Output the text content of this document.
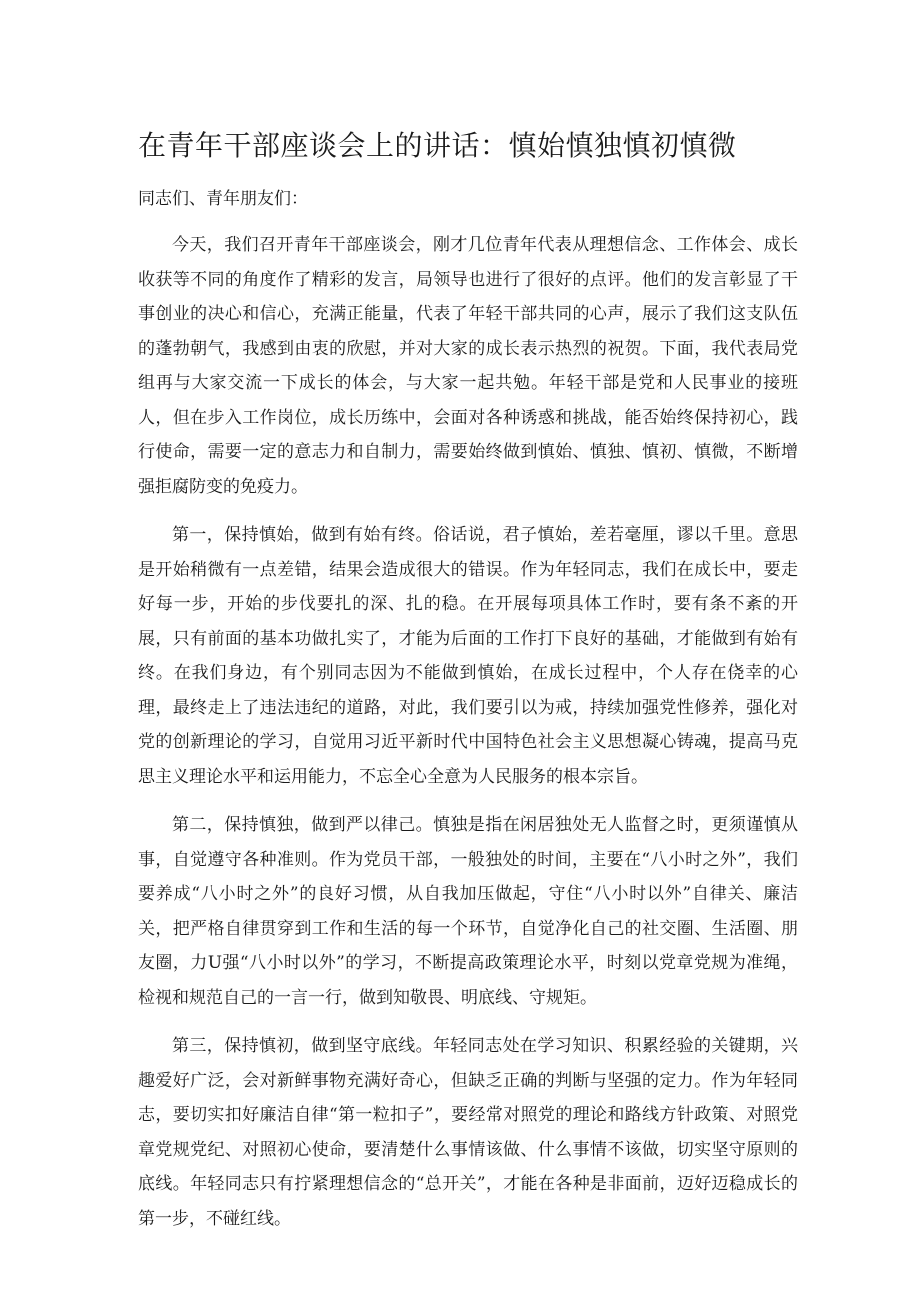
在青年干部座谈会上的讲话：慎始慎独慎初慎微

同志们、青年朋友们：

今天，我们召开青年干部座谈会，刚才几位青年代表从理想信念、工作体会、成长收获等不同的角度作了精彩的发言，局领导也进行了很好的点评。他们的发言彰显了干事创业的决心和信心，充满正能量，代表了年轻干部共同的心声，展示了我们这支队伍的蓬勃朝气，我感到由衷的欣慰，并对大家的成长表示热烈的祝贺。下面，我代表局党组再与大家交流一下成长的体会，与大家一起共勉。年轻干部是党和人民事业的接班人，但在步入工作岗位，成长历练中，会面对各种诱惑和挑战，能否始终保持初心，践行使命，需要一定的意志力和自制力，需要始终做到慎始、慎独、慎初、慎微，不断增强拒腐防变的免疫力。

第一，保持慎始，做到有始有终。俗话说，君子慎始，差若毫厘，谬以千里。意思是开始稍微有一点差错，结果会造成很大的错误。作为年轻同志，我们在成长中，要走好每一步，开始的步伐要扎的深、扎的稳。在开展每项具体工作时，要有条不紊的开展，只有前面的基本功做扎实了，才能为后面的工作打下良好的基础，才能做到有始有终。在我们身边，有个别同志因为不能做到慎始，在成长过程中，个人存在侥幸的心理，最终走上了违法违纪的道路，对此，我们要引以为戒，持续加强党性修养，强化对党的创新理论的学习，自觉用习近平新时代中国特色社会主义思想凝心铸魂，提高马克思主义理论水平和运用能力，不忘全心全意为人民服务的根本宗旨。

第二，保持慎独，做到严以律己。慎独是指在闲居独处无人监督之时，更须谨慎从事，自觉遵守各种准则。作为党员干部，一般独处的时间，主要在“八小时之外”，我们要养成“八小时之外”的良好习惯，从自我加压做起，守住“八小时以外”自律关、廉洁关，把严格自律贯穿到工作和生活的每一个环节，自觉净化自己的社交圈、生活圈、朋友圈，力U强“八小时以外”的学习，不断提高政策理论水平，时刻以党章党规为准绳，检视和规范自己的一言一行，做到知敬畏、明底线、守规矩。

第三，保持慎初，做到坚守底线。年轻同志处在学习知识、积累经验的关键期，兴趣爱好广泛，会对新鲜事物充满好奇心，但缺乏正确的判断与坚强的定力。作为年轻同志，要切实扣好廉洁自律“第一粒扣子”，要经常对照党的理论和路线方针政策、对照党章党规党纪、对照初心使命，要清楚什么事情该做、什么事情不该做，切实坚守原则的底线。年轻同志只有拧紧理想信念的“总开关”，才能在各种是非面前，迈好迈稳成长的第一步，不碰红线。
